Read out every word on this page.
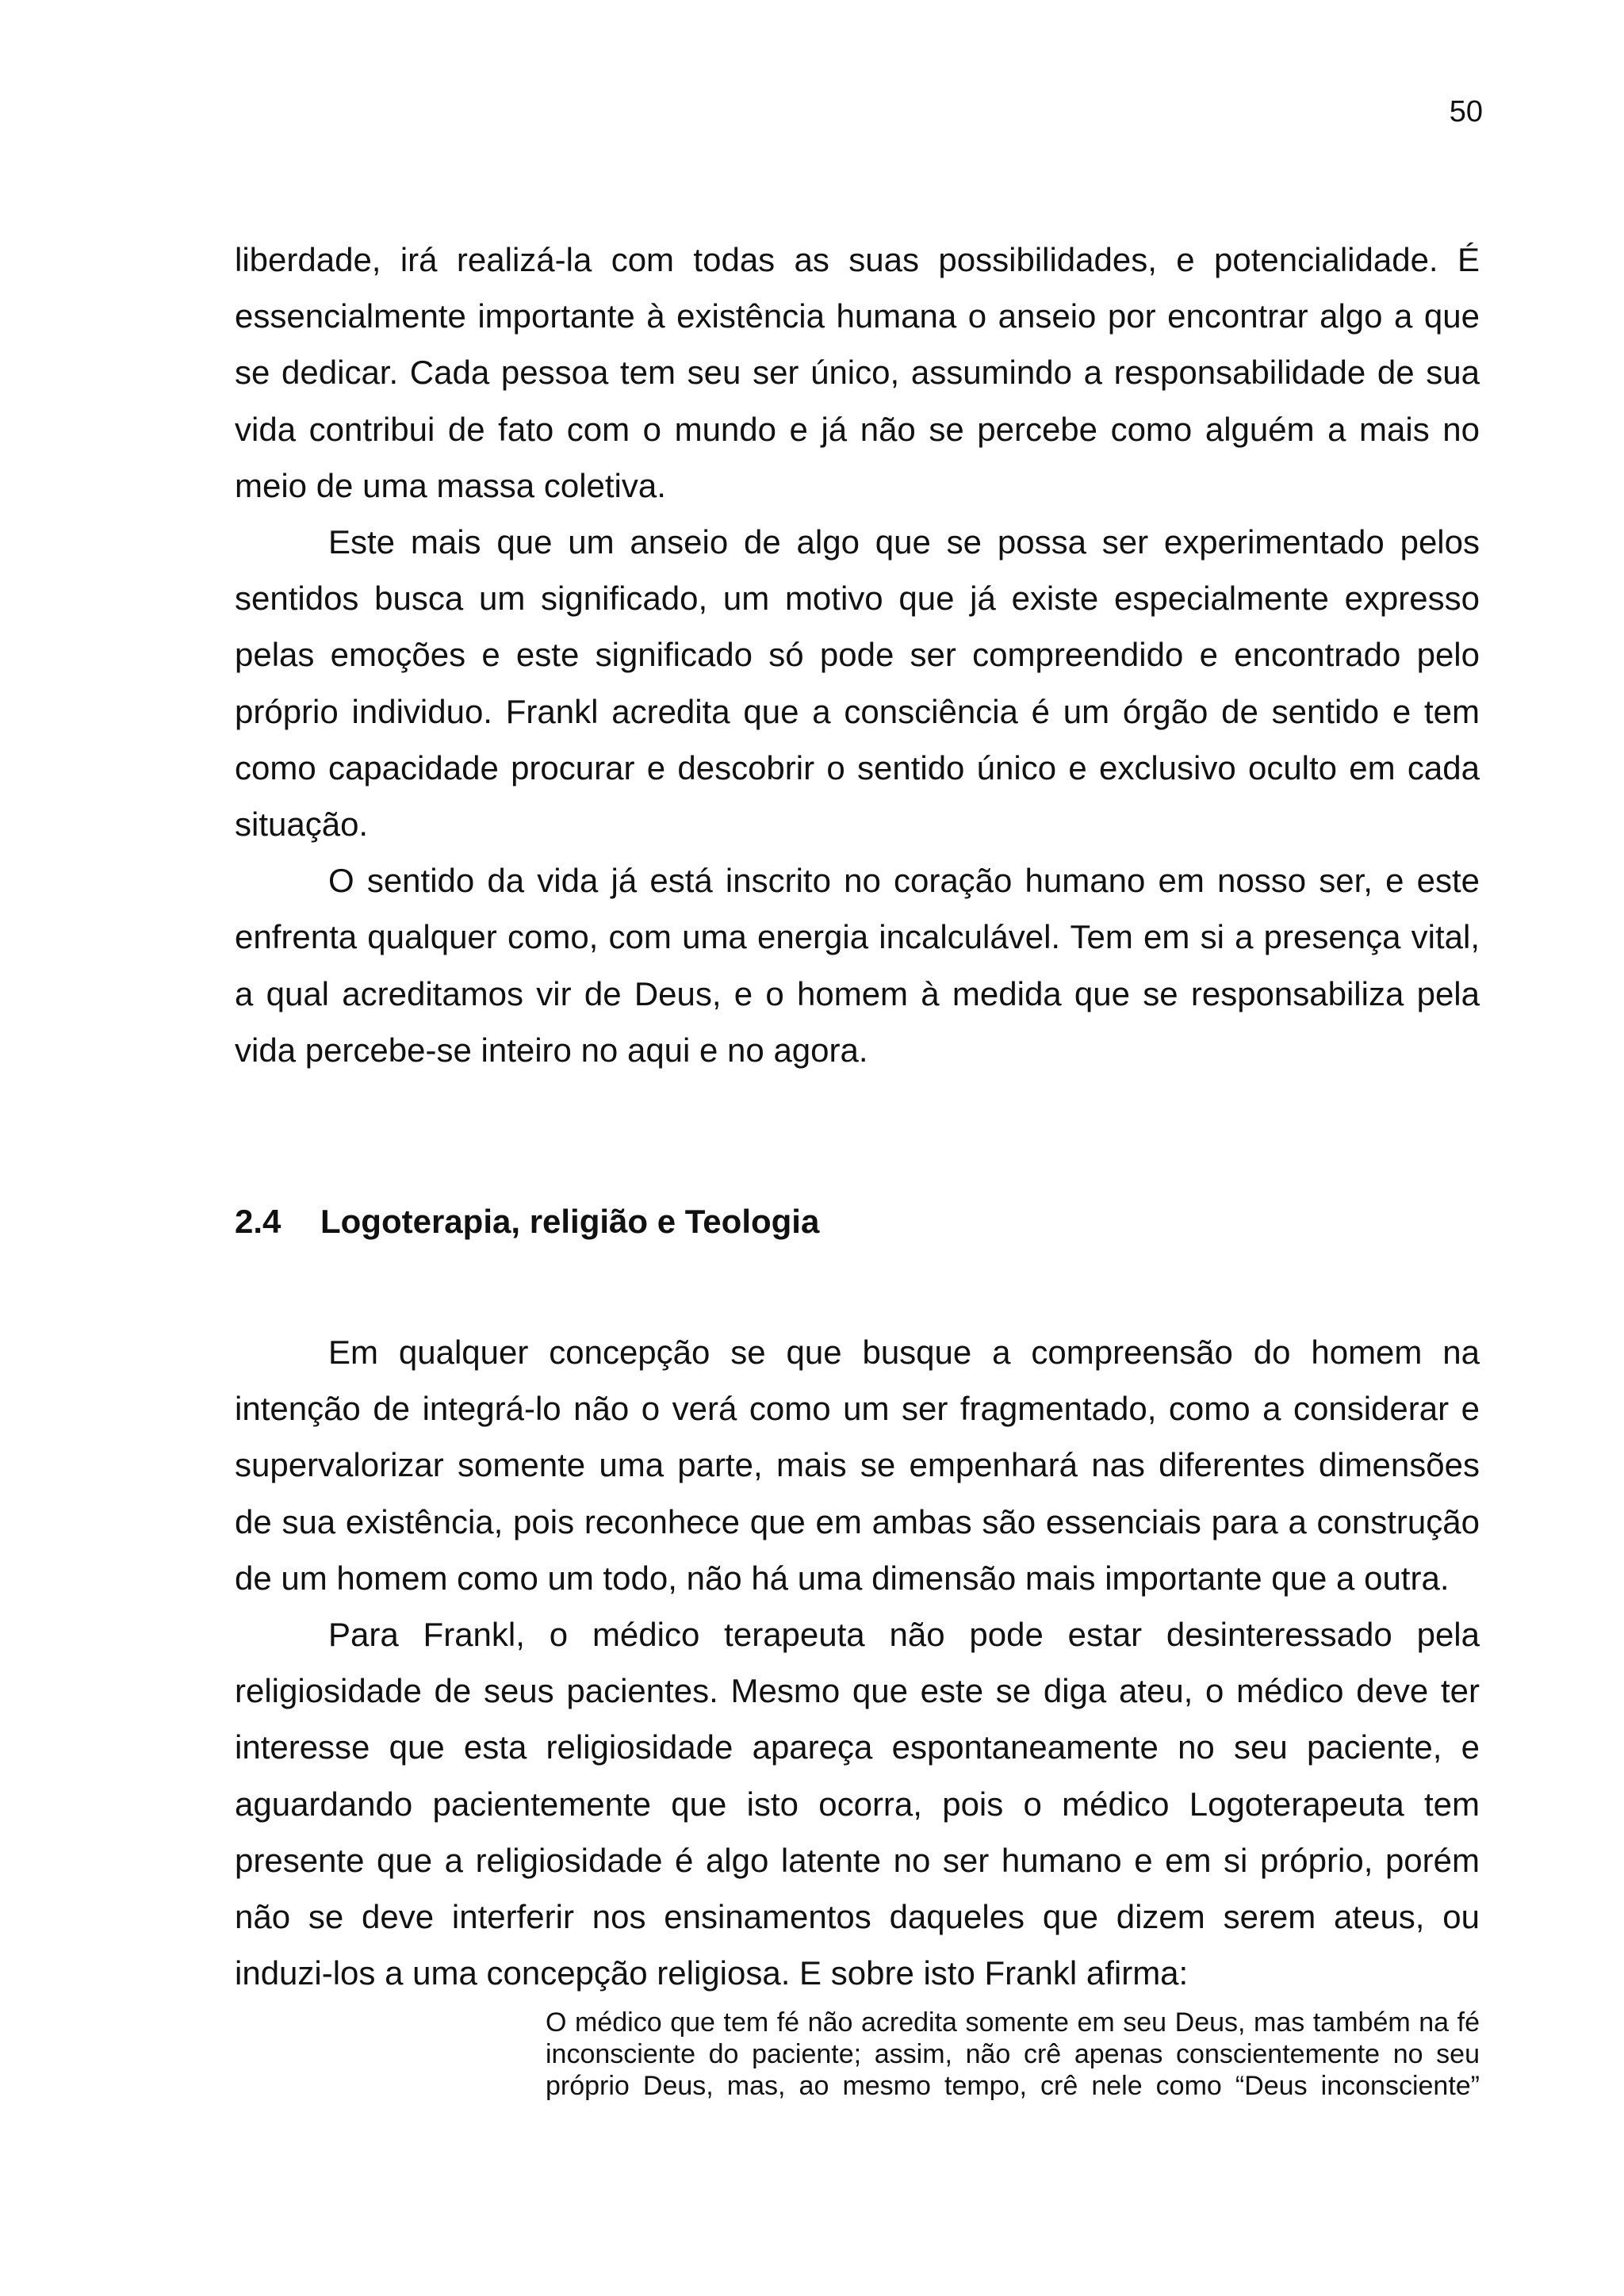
50

liberdade, irá realizá-la com todas as suas possibilidades, e potencialidade. É essencialmente importante à existência humana o anseio por encontrar algo a que se dedicar. Cada pessoa tem seu ser único, assumindo a responsabilidade de sua vida contribui de fato com o mundo e já não se percebe como alguém a mais no meio de uma massa coletiva.

Este mais que um anseio de algo que se possa ser experimentado pelos sentidos busca um significado, um motivo que já existe especialmente expresso pelas emoções e este significado só pode ser compreendido e encontrado pelo próprio individuo. Frankl acredita que a consciência é um órgão de sentido e tem como capacidade procurar e descobrir o sentido único e exclusivo oculto em cada situação.

O sentido da vida já está inscrito no coração humano em nosso ser, e este enfrenta qualquer como, com uma energia incalculável. Tem em si a presença vital, a qual acreditamos vir de Deus, e o homem à medida que se responsabiliza pela vida percebe-se inteiro no aqui e no agora.

2.4 Logoterapia, religião e Teologia

Em qualquer concepção se que busque a compreensão do homem na intenção de integrá-lo não o verá como um ser fragmentado, como a considerar e supervalorizar somente uma parte, mais se empenhará nas diferentes dimensões de sua existência, pois reconhece que em ambas são essenciais para a construção de um homem como um todo, não há uma dimensão mais importante que a outra.

Para Frankl, o médico terapeuta não pode estar desinteressado pela religiosidade de seus pacientes. Mesmo que este se diga ateu, o médico deve ter interesse que esta religiosidade apareça espontaneamente no seu paciente, e aguardando pacientemente que isto ocorra, pois o médico Logoterapeuta tem presente que a religiosidade é algo latente no ser humano e em si próprio, porém não se deve interferir nos ensinamentos daqueles que dizem serem ateus, ou induzi-los a uma concepção religiosa. E sobre isto Frankl afirma:

O médico que tem fé não acredita somente em seu Deus, mas também na fé inconsciente do paciente; assim, não crê apenas conscientemente no seu próprio Deus, mas, ao mesmo tempo, crê nele como “Deus inconsciente”
